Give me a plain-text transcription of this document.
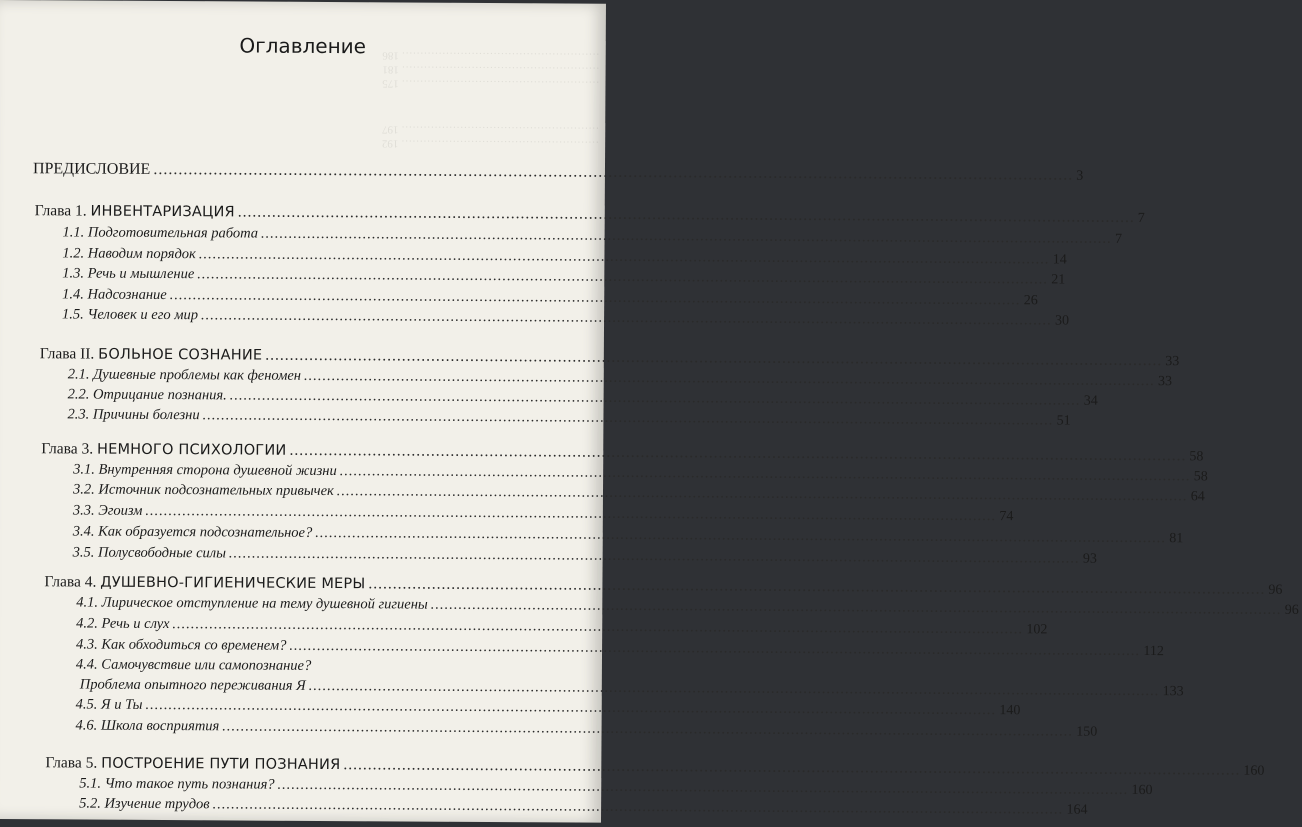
……………………………………………… 175
……………………………………………… 181
……………………………………………… 186
……………………………………………… 192
……………………………………………… 197
Оглавление
ПРЕДИСЛОВИЕ .....	3
Глава 1. ИНВЕНТАРИЗАЦИЯ .....	7
1.1. Подготовительная работа .....	7
1.2. Наводим порядок .....	14
1.3. Речь и мышление .....	21
1.4. Надсознание .....	26
1.5. Человек и его мир .....	30
Глава II. БОЛЬНОЕ СОЗНАНИЕ .....	33
2.1. Душевные проблемы как феномен .....	33
2.2. Отрицание познания. .....	34
2.3. Причины болезни .....	51
Глава 3. НЕМНОГО ПСИХОЛОГИИ .....	58
3.1. Внутренняя сторона душевной жизни .....	58
3.2. Источник подсознательных привычек .....	64
3.3. Эгоизм .....	74
3.4. Как образуется подсознательное? .....	81
3.5. Полусвободные силы .....	93
Глава 4. ДУШЕВНО-ГИГИЕНИЧЕСКИЕ МЕРЫ .....	96
4.1. Лирическое отступление на тему душевной гигиены .....	96
4.2. Речь и слух .....	102
4.3. Как обходиться со временем? .....	112
4.4. Самочувствие или самопознание?
Проблема опытного переживания Я .....	133
4.5. Я и Ты .....	140
4.6. Школа восприятия .....	150
Глава 5. ПОСТРОЕНИЕ ПУТИ ПОЗНАНИЯ .....	160
5.1. Что такое путь познания? .....	160
5.2. Изучение трудов .....	164
